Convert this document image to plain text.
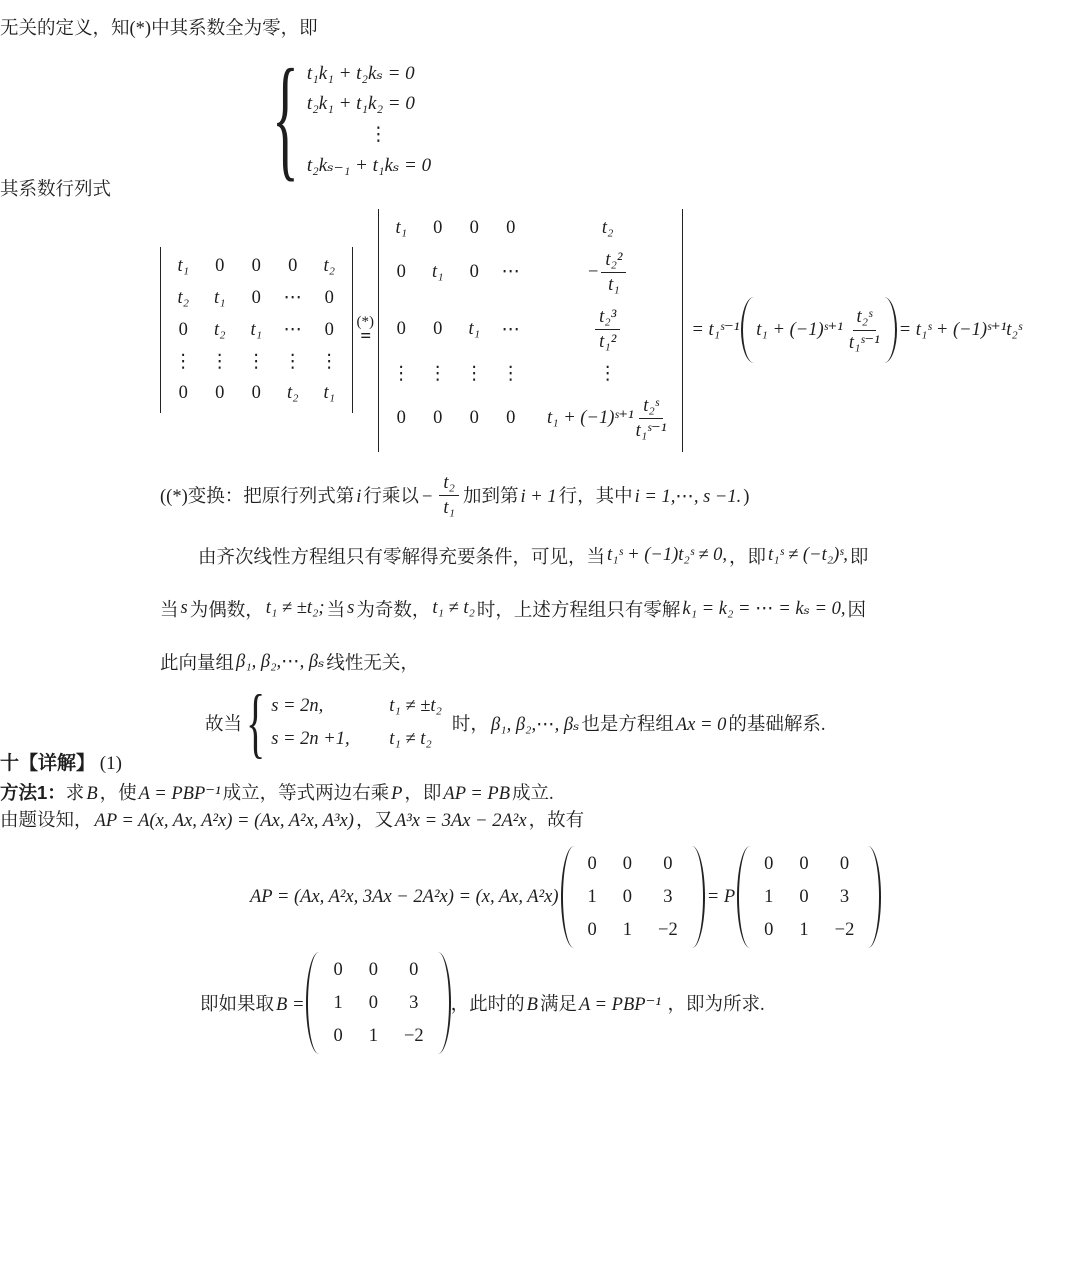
无关的定义，知(*)中其系数全为零，即

{ t₁k₁ + t₂kₛ = 0
t₂k₁ + t₁k₂ = 0
⋮
t₂kₛ₋₁ + t₁kₛ = 0

其系数行列式

t₁	0	0	0	t₂
t₂	t₁	0	⋯	0
0	t₂	t₁	⋯	0
⋮	⋮	⋮	⋮	⋮
0	0	0	t₂	t₁
(*)
=
t₁	0	0	0	t₂
0	t₁	0	⋯	− $\frac{\text{t₂²}}{\text{t₁}}$

0	0	t₁	⋯	$\frac{\text{t₂³}}{\text{t₁²}}$

⋮	⋮	⋮	⋮	⋮
0	0	0	0	t₁ + (−1)ˢ⁺¹ $\frac{\text{t₂ˢ}}{\text{t₁ˢ⁻¹}}$
= t₁ˢ⁻¹ t₁ + (−1)ˢ⁺¹ $\frac{\text{t₂ˢ}}{\text{t₁ˢ⁻¹}}$ = t₁ˢ + (−1)ˢ⁺¹t₂ˢ
((*)变换：把原行列式第 i 行乘以 − $\frac{\text{t₂}}{\text{t₁}}$ 加到第 i + 1 行，其中 i = 1,⋯, s −1. )

由齐次线性方程组只有零解得充要条件，可见，当 t₁ˢ + (−1)t₂ˢ ≠ 0, ，即 t₁ˢ ≠ (−t₂)ˢ, 即

当 s 为偶数， t₁ ≠ ±t₂; 当 s 为奇数， t₁ ≠ t₂ 时，上述方程组只有零解 k₁ = k₂ = ⋯ = kₛ = 0, 因

此向量组 β₁, β₂,⋯, βₛ 线性无关，

故当 { s = 2n,	t₁ ≠ ±t₂
s = 2n +1,	t₁ ≠ t₂
时， β₁, β₂,⋯, βₛ 也是方程组 Ax = 0 的基础解系.

十【详解】 (1)

方法1：求 B ，使 A = PBP⁻¹ 成立，等式两边右乘 P ，即 AP = PB 成立.

由题设知， AP = A(x, Ax, A²x) = (Ax, A²x, A³x) ，又 A³x = 3Ax − 2A²x ，故有

AP = (Ax, A²x, 3Ax − 2A²x) = (x, Ax, A²x)
0	0	0
1	0	3
0	1	−2
= P
0	0	0
1	0	3
0	1	−2
即如果取 B =
0	0	0
1	0	3
0	1	−2
，此时的 B 满足 A = PBP⁻¹ ，即为所求.
